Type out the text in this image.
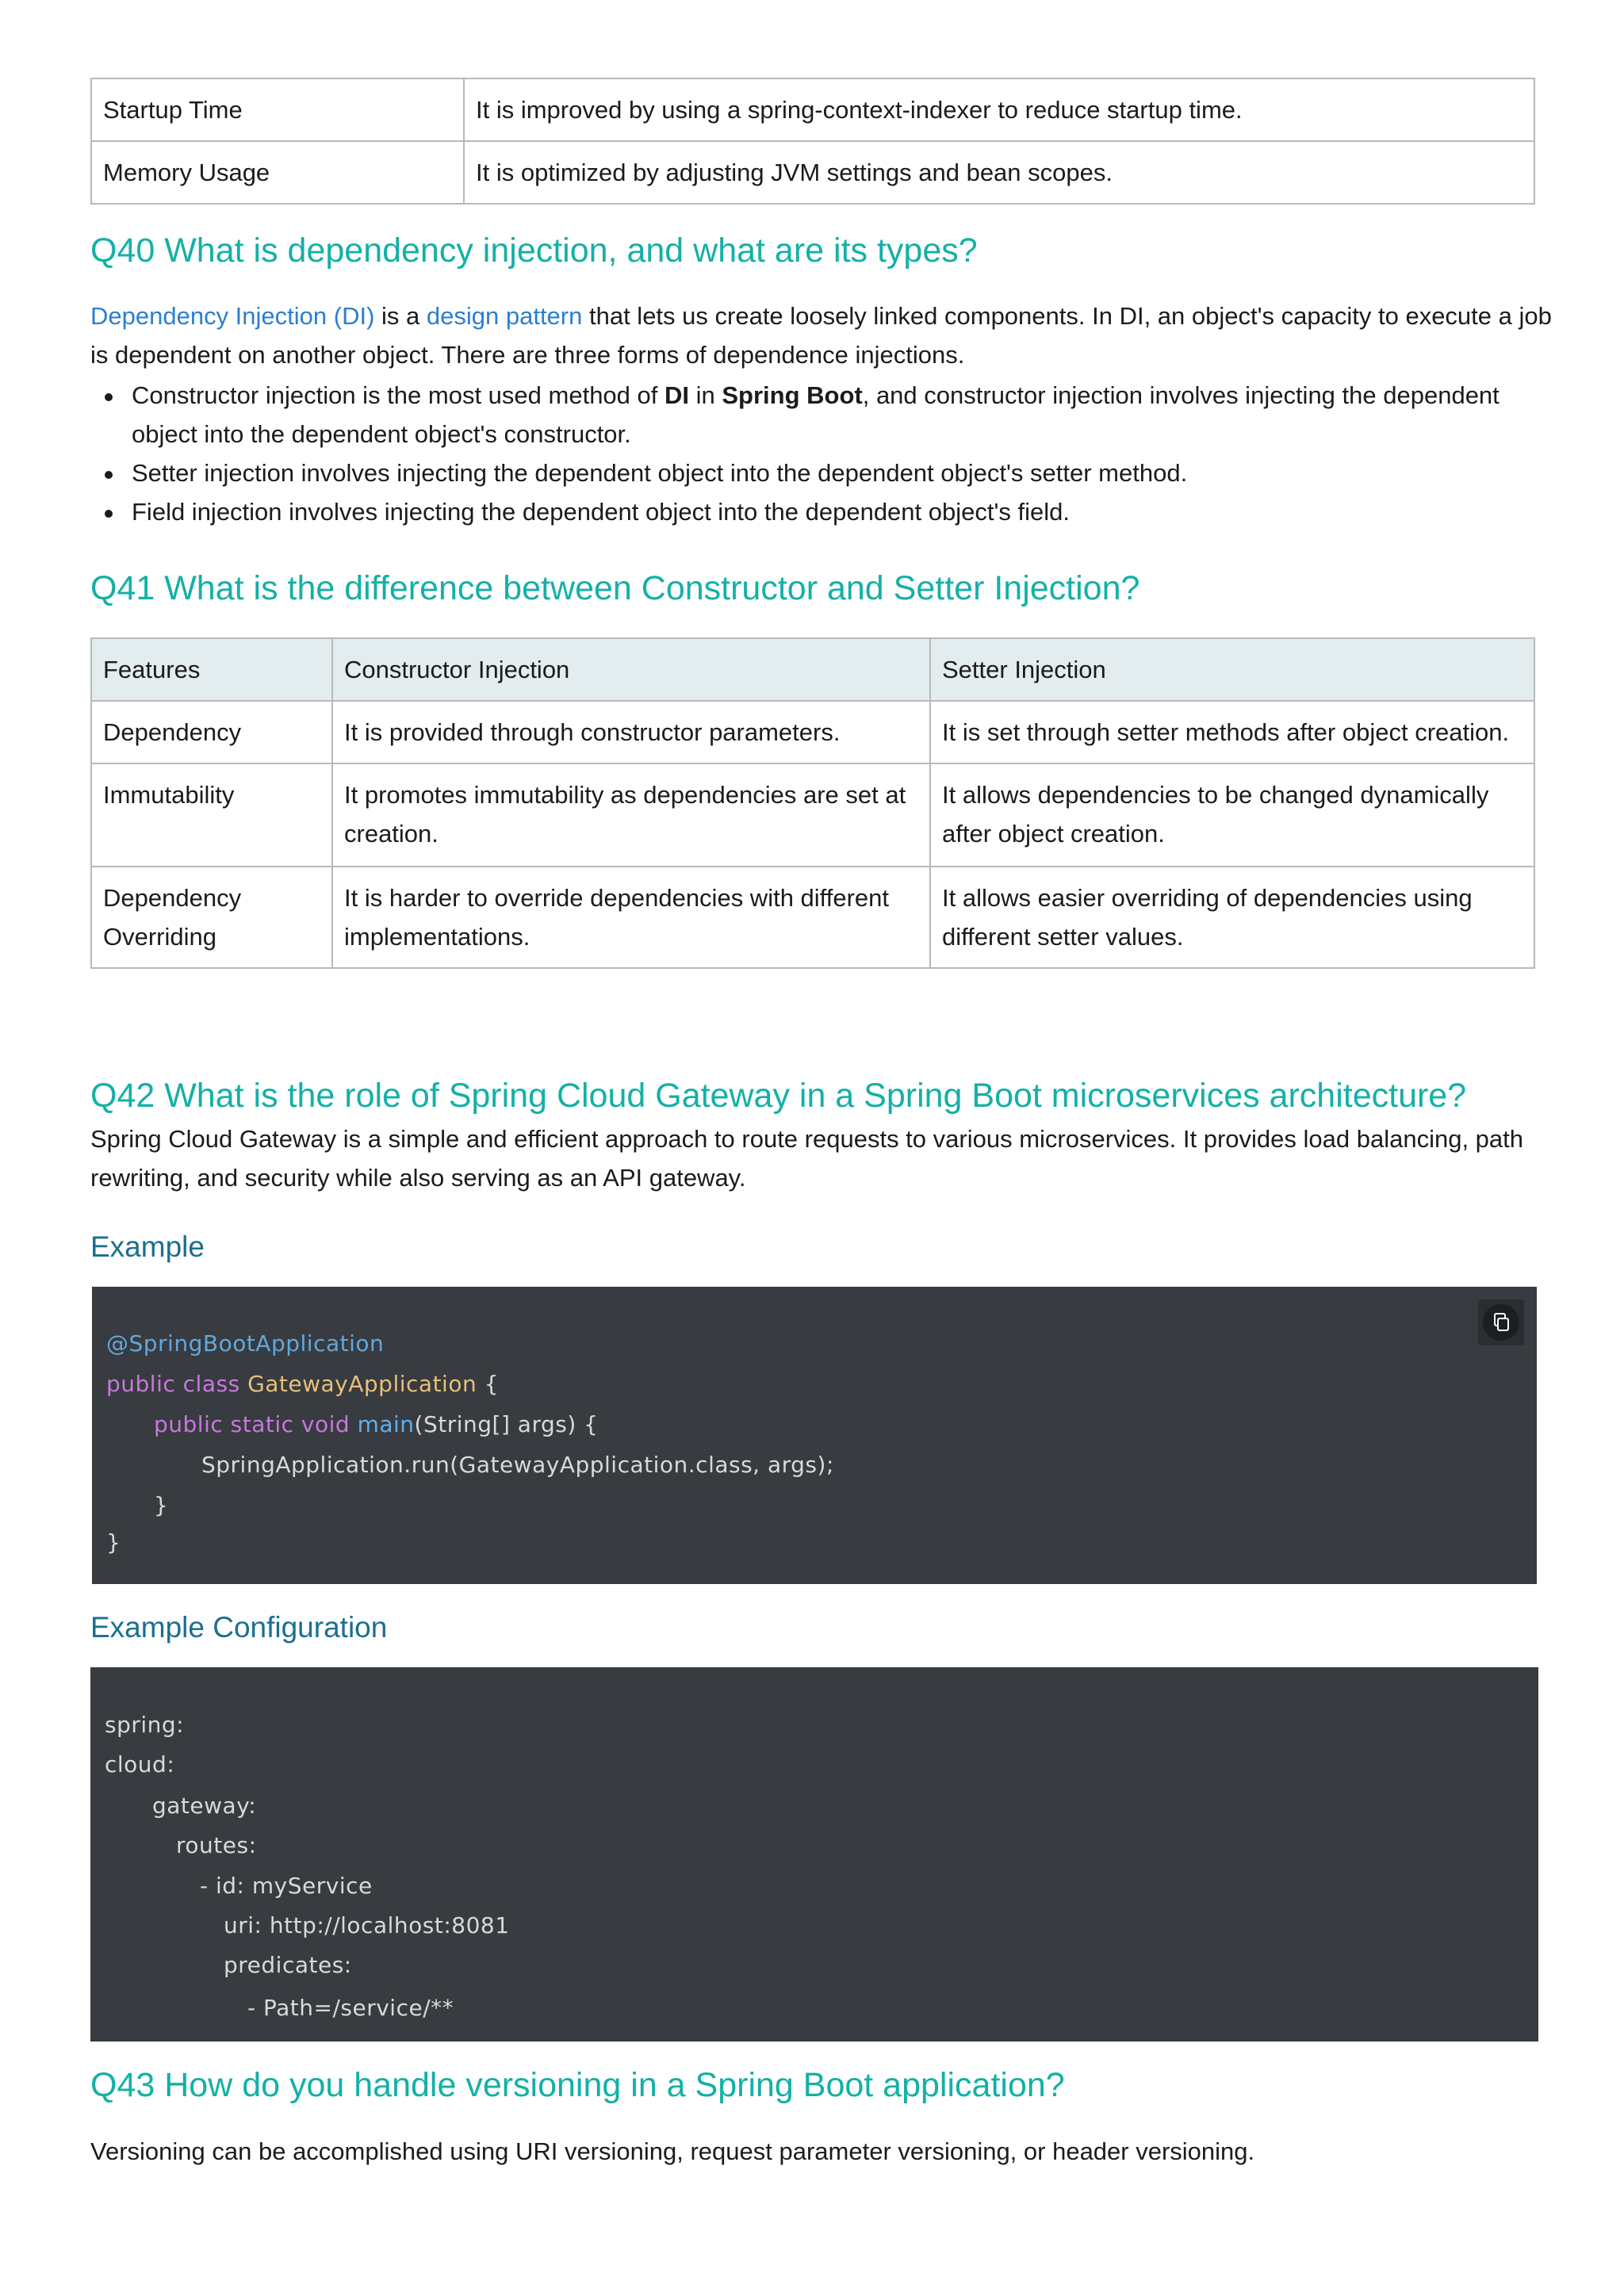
Startup Time	It is improved by using a spring-context-indexer to reduce startup time.
Memory Usage	It is optimized by adjusting JVM settings and bean scopes.
Q40 What is dependency injection, and what are its types?

Dependency Injection (DI) is a design pattern that lets us create loosely linked components. In DI, an object's capacity to execute a job is dependent on another object. There are three forms of dependence injections.

Constructor injection is the most used method of DI in Spring Boot, and constructor injection involves injecting the dependent object into the dependent object's constructor.
Setter injection involves injecting the dependent object into the dependent object's setter method.
Field injection involves injecting the dependent object into the dependent object's field.
Q41 What is the difference between Constructor and Setter Injection?
Features	Constructor Injection	Setter Injection
Dependency	It is provided through constructor parameters.	It is set through setter methods after object creation.
Immutability	It promotes immutability as dependencies are set at creation.	It allows dependencies to be changed dynamically after object creation.
Dependency Overriding	It is harder to override dependencies with different implementations.	It allows easier overriding of dependencies using different setter values.
Q42 What is the role of Spring Cloud Gateway in a Spring Boot microservices architecture?

Spring Cloud Gateway is a simple and efficient approach to route requests to various microservices. It provides load balancing, path rewriting, and security while also serving as an API gateway.

Example
@SpringBootApplication
public class GatewayApplication {
public static void main(String[] args) {
SpringApplication.run(GatewayApplication.class, args);
}
}
Example Configuration
spring:
cloud:
gateway:
routes:
- id: myService
uri: http://localhost:8081
predicates:
- Path=/service/**
Q43 How do you handle versioning in a Spring Boot application?

Versioning can be accomplished using URI versioning, request parameter versioning, or header versioning.
